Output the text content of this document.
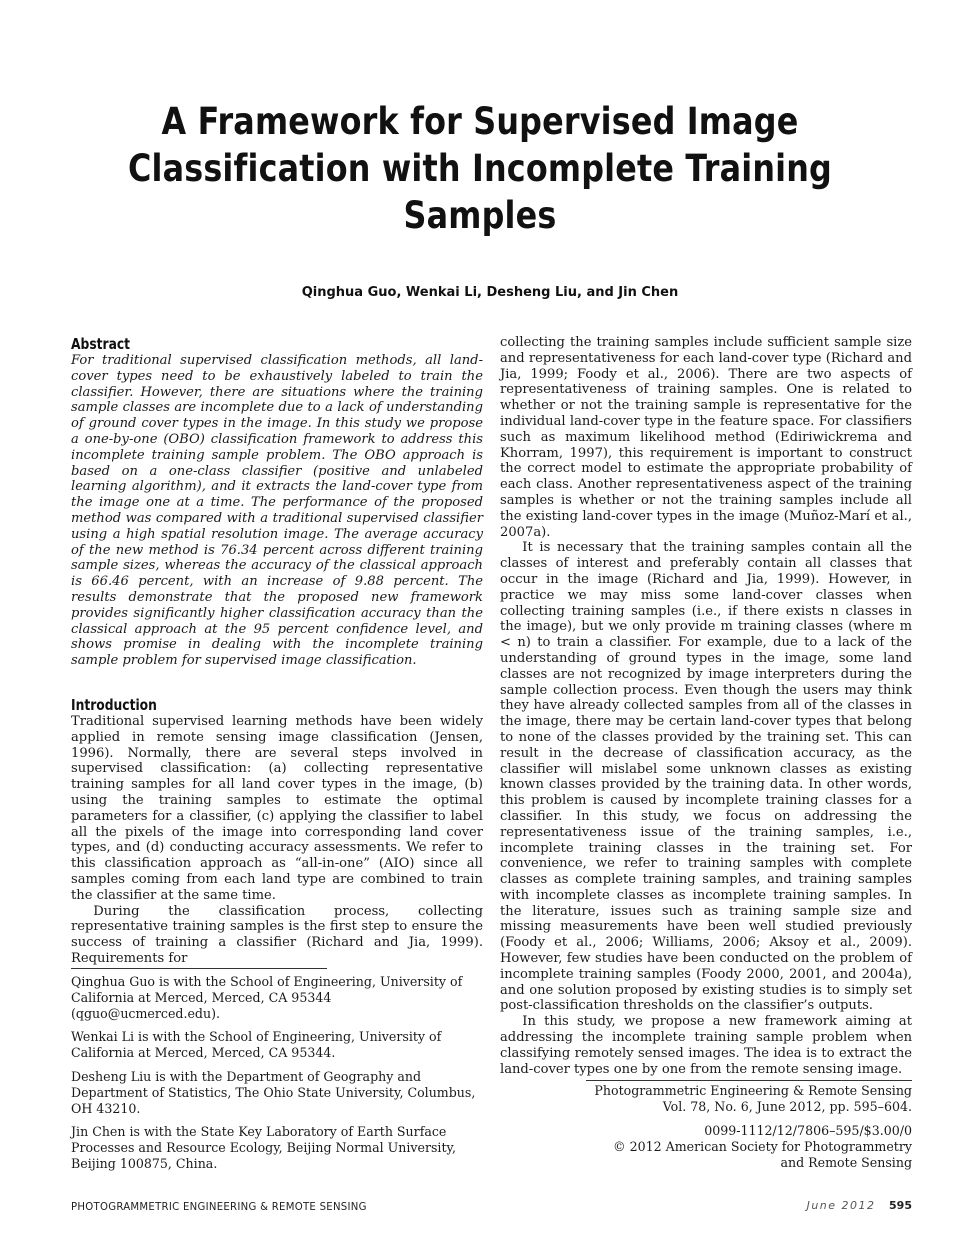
A Framework for Supervised Image
Classification with Incomplete Training
Samples
Qinghua Guo, Wenkai Li, Desheng Liu, and Jin Chen
Abstract

For traditional supervised classification methods, all land-cover types need to be exhaustively labeled to train the classifier. However, there are situations where the training sample classes are incomplete due to a lack of understanding of ground cover types in the image. In this study we propose a one-by-one (OBO) classification framework to address this incomplete training sample problem. The OBO approach is based on a one-class classifier (positive and unlabeled learning algorithm), and it extracts the land-cover type from the image one at a time. The performance of the proposed method was compared with a traditional supervised classifier using a high spatial resolution image. The average accuracy of the new method is 76.34 percent across different training sample sizes, whereas the accuracy of the classical approach is 66.46 percent, with an increase of 9.88 percent. The results demonstrate that the proposed new framework provides significantly higher classification accuracy than the classical approach at the 95 percent confidence level, and shows promise in dealing with the incomplete training sample problem for supervised image classification.

Introduction

Traditional supervised learning methods have been widely applied in remote sensing image classification (Jensen, 1996). Normally, there are several steps involved in supervised classification: (a) collecting representative training samples for all land cover types in the image, (b) using the training samples to estimate the optimal parameters for a classifier, (c) applying the classifier to label all the pixels of the image into corresponding land cover types, and (d) conducting accuracy assessments. We refer to this classification approach as “all-in-one” (AIO) since all samples coming from each land type are combined to train the classifier at the same time.

During the classification process, collecting representative training samples is the first step to ensure the success of training a classifier (Richard and Jia, 1999). Requirements for

collecting the training samples include sufficient sample size and representativeness for each land-cover type (Richard and Jia, 1999; Foody et al., 2006). There are two aspects of representativeness of training samples. One is related to whether or not the training sample is representative for the individual land-cover type in the feature space. For classifiers such as maximum likelihood method (Ediriwickrema and Khorram, 1997), this requirement is important to construct the correct model to estimate the appropriate probability of each class. Another representativeness aspect of the training samples is whether or not the training samples include all the existing land-cover types in the image (Muñoz-Marí et al., 2007a).

It is necessary that the training samples contain all the classes of interest and preferably contain all classes that occur in the image (Richard and Jia, 1999). However, in practice we may miss some land-cover classes when collecting training samples (i.e., if there exists n classes in the image), but we only provide m training classes (where m < n) to train a classifier. For example, due to a lack of the understanding of ground types in the image, some land classes are not recognized by image interpreters during the sample collection process. Even though the users may think they have already collected samples from all of the classes in the image, there may be certain land-cover types that belong to none of the classes provided by the training set. This can result in the decrease of classification accuracy, as the classifier will mislabel some unknown classes as existing known classes provided by the training data. In other words, this problem is caused by incomplete training classes for a classifier. In this study, we focus on addressing the representativeness issue of the training samples, i.e., incomplete training classes in the training set. For convenience, we refer to training samples with complete classes as complete training samples, and training samples with incomplete classes as incomplete training samples. In the literature, issues such as training sample size and missing measurements have been well studied previously (Foody et al., 2006; Williams, 2006; Aksoy et al., 2009). However, few studies have been conducted on the problem of incomplete training samples (Foody 2000, 2001, and 2004a), and one solution proposed by existing studies is to simply set post-classification thresholds on the classifier’s outputs.

In this study, we propose a new framework aiming at addressing the incomplete training sample problem when classifying remotely sensed images. The idea is to extract the land-cover types one by one from the remote sensing image.

Qinghua Guo is with the School of Engineering, University of California at Merced, Merced, CA 95344 (qguo@ucmerced.edu).

Wenkai Li is with the School of Engineering, University of California at Merced, Merced, CA 95344.

Desheng Liu is with the Department of Geography and Department of Statistics, The Ohio State University, Columbus, OH 43210.

Jin Chen is with the State Key Laboratory of Earth Surface Processes and Resource Ecology, Beijing Normal University, Beijing 100875, China.

Photogrammetric Engineering & Remote Sensing
Vol. 78, No. 6, June 2012, pp. 595–604.
0099-1112/12/7806–595/$3.00/0
© 2012 American Society for Photogrammetry
and Remote Sensing
PHOTOGRAMMETRIC ENGINEERING & REMOTE SENSING	June 2012 595
